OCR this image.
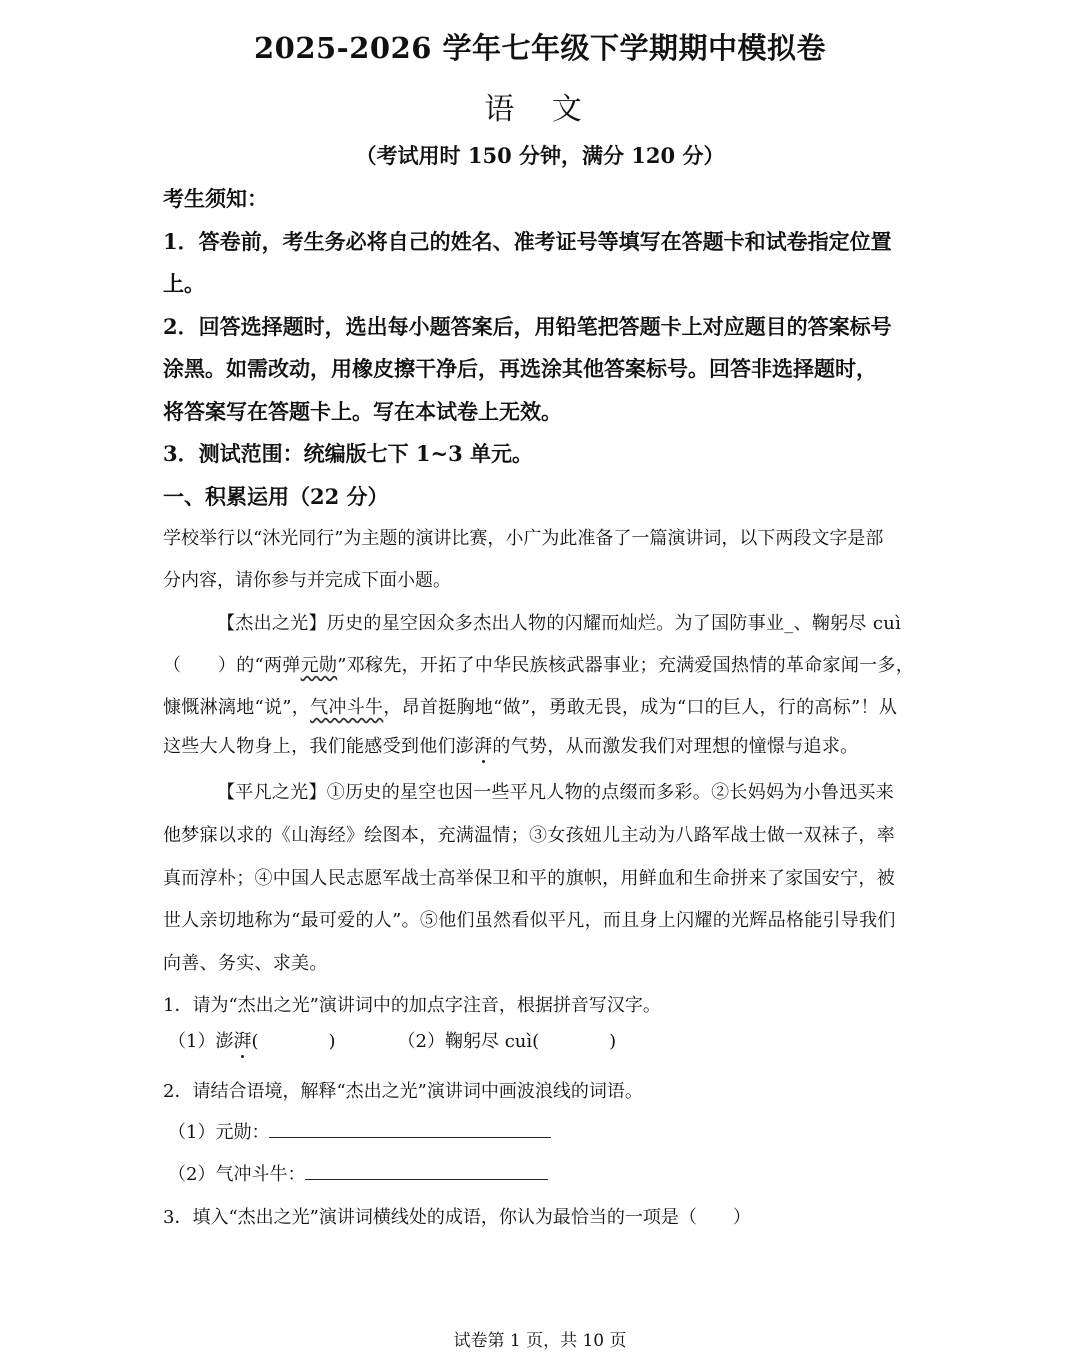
2025-2026 学年七年级下学期期中模拟卷
语 文
（考试用时 150 分钟，满分 120 分）
考生须知：
1．答卷前，考生务必将自己的姓名、准考证号等填写在答题卡和试卷指定位置
上。
2．回答选择题时，选出每小题答案后，用铅笔把答题卡上对应题目的答案标号
涂黑。如需改动，用橡皮擦干净后，再选涂其他答案标号。回答非选择题时，
将答案写在答题卡上。写在本试卷上无效。
3．测试范围：统编版七下 1~3 单元。
一、积累运用（22 分）
学校举行以“沐光同行”为主题的演讲比赛，小广为此准备了一篇演讲词，以下两段文字是部
分内容，请你参与并完成下面小题。
【杰出之光】历史的星空因众多杰出人物的闪耀而灿烂。为了国防事业_、鞠躬尽 cuì
（　　）的“两弹元勋”邓稼先，开拓了中华民族核武器事业；充满爱国热情的革命家闻一多，
慷慨淋漓地“说”，气冲斗牛，昂首挺胸地“做”，勇敢无畏，成为“口的巨人，行的高标”！从
这些大人物身上，我们能感受到他们澎湃的气势，从而激发我们对理想的憧憬与追求。
【平凡之光】①历史的星空也因一些平凡人物的点缀而多彩。②长妈妈为小鲁迅买来
他梦寐以求的《山海经》绘图本，充满温情；③女孩妞儿主动为八路军战士做一双袜子，率
真而淳朴；④中国人民志愿军战士高举保卫和平的旗帜，用鲜血和生命拼来了家国安宁，被
世人亲切地称为“最可爱的人”。⑤他们虽然看似平凡，而且身上闪耀的光辉品格能引导我们
向善、务实、求美。
1．请为“杰出之光”演讲词中的加点字注音，根据拼音写汉字。
（1）澎湃(	)	（2）鞠躬尽 cuì(	)
2．请结合语境，解释“杰出之光”演讲词中画波浪线的词语。
（1）元勋：
（2）气冲斗牛：
3．填入“杰出之光”演讲词横线处的成语，你认为最恰当的一项是（　　）
试卷第 1 页，共 10 页
